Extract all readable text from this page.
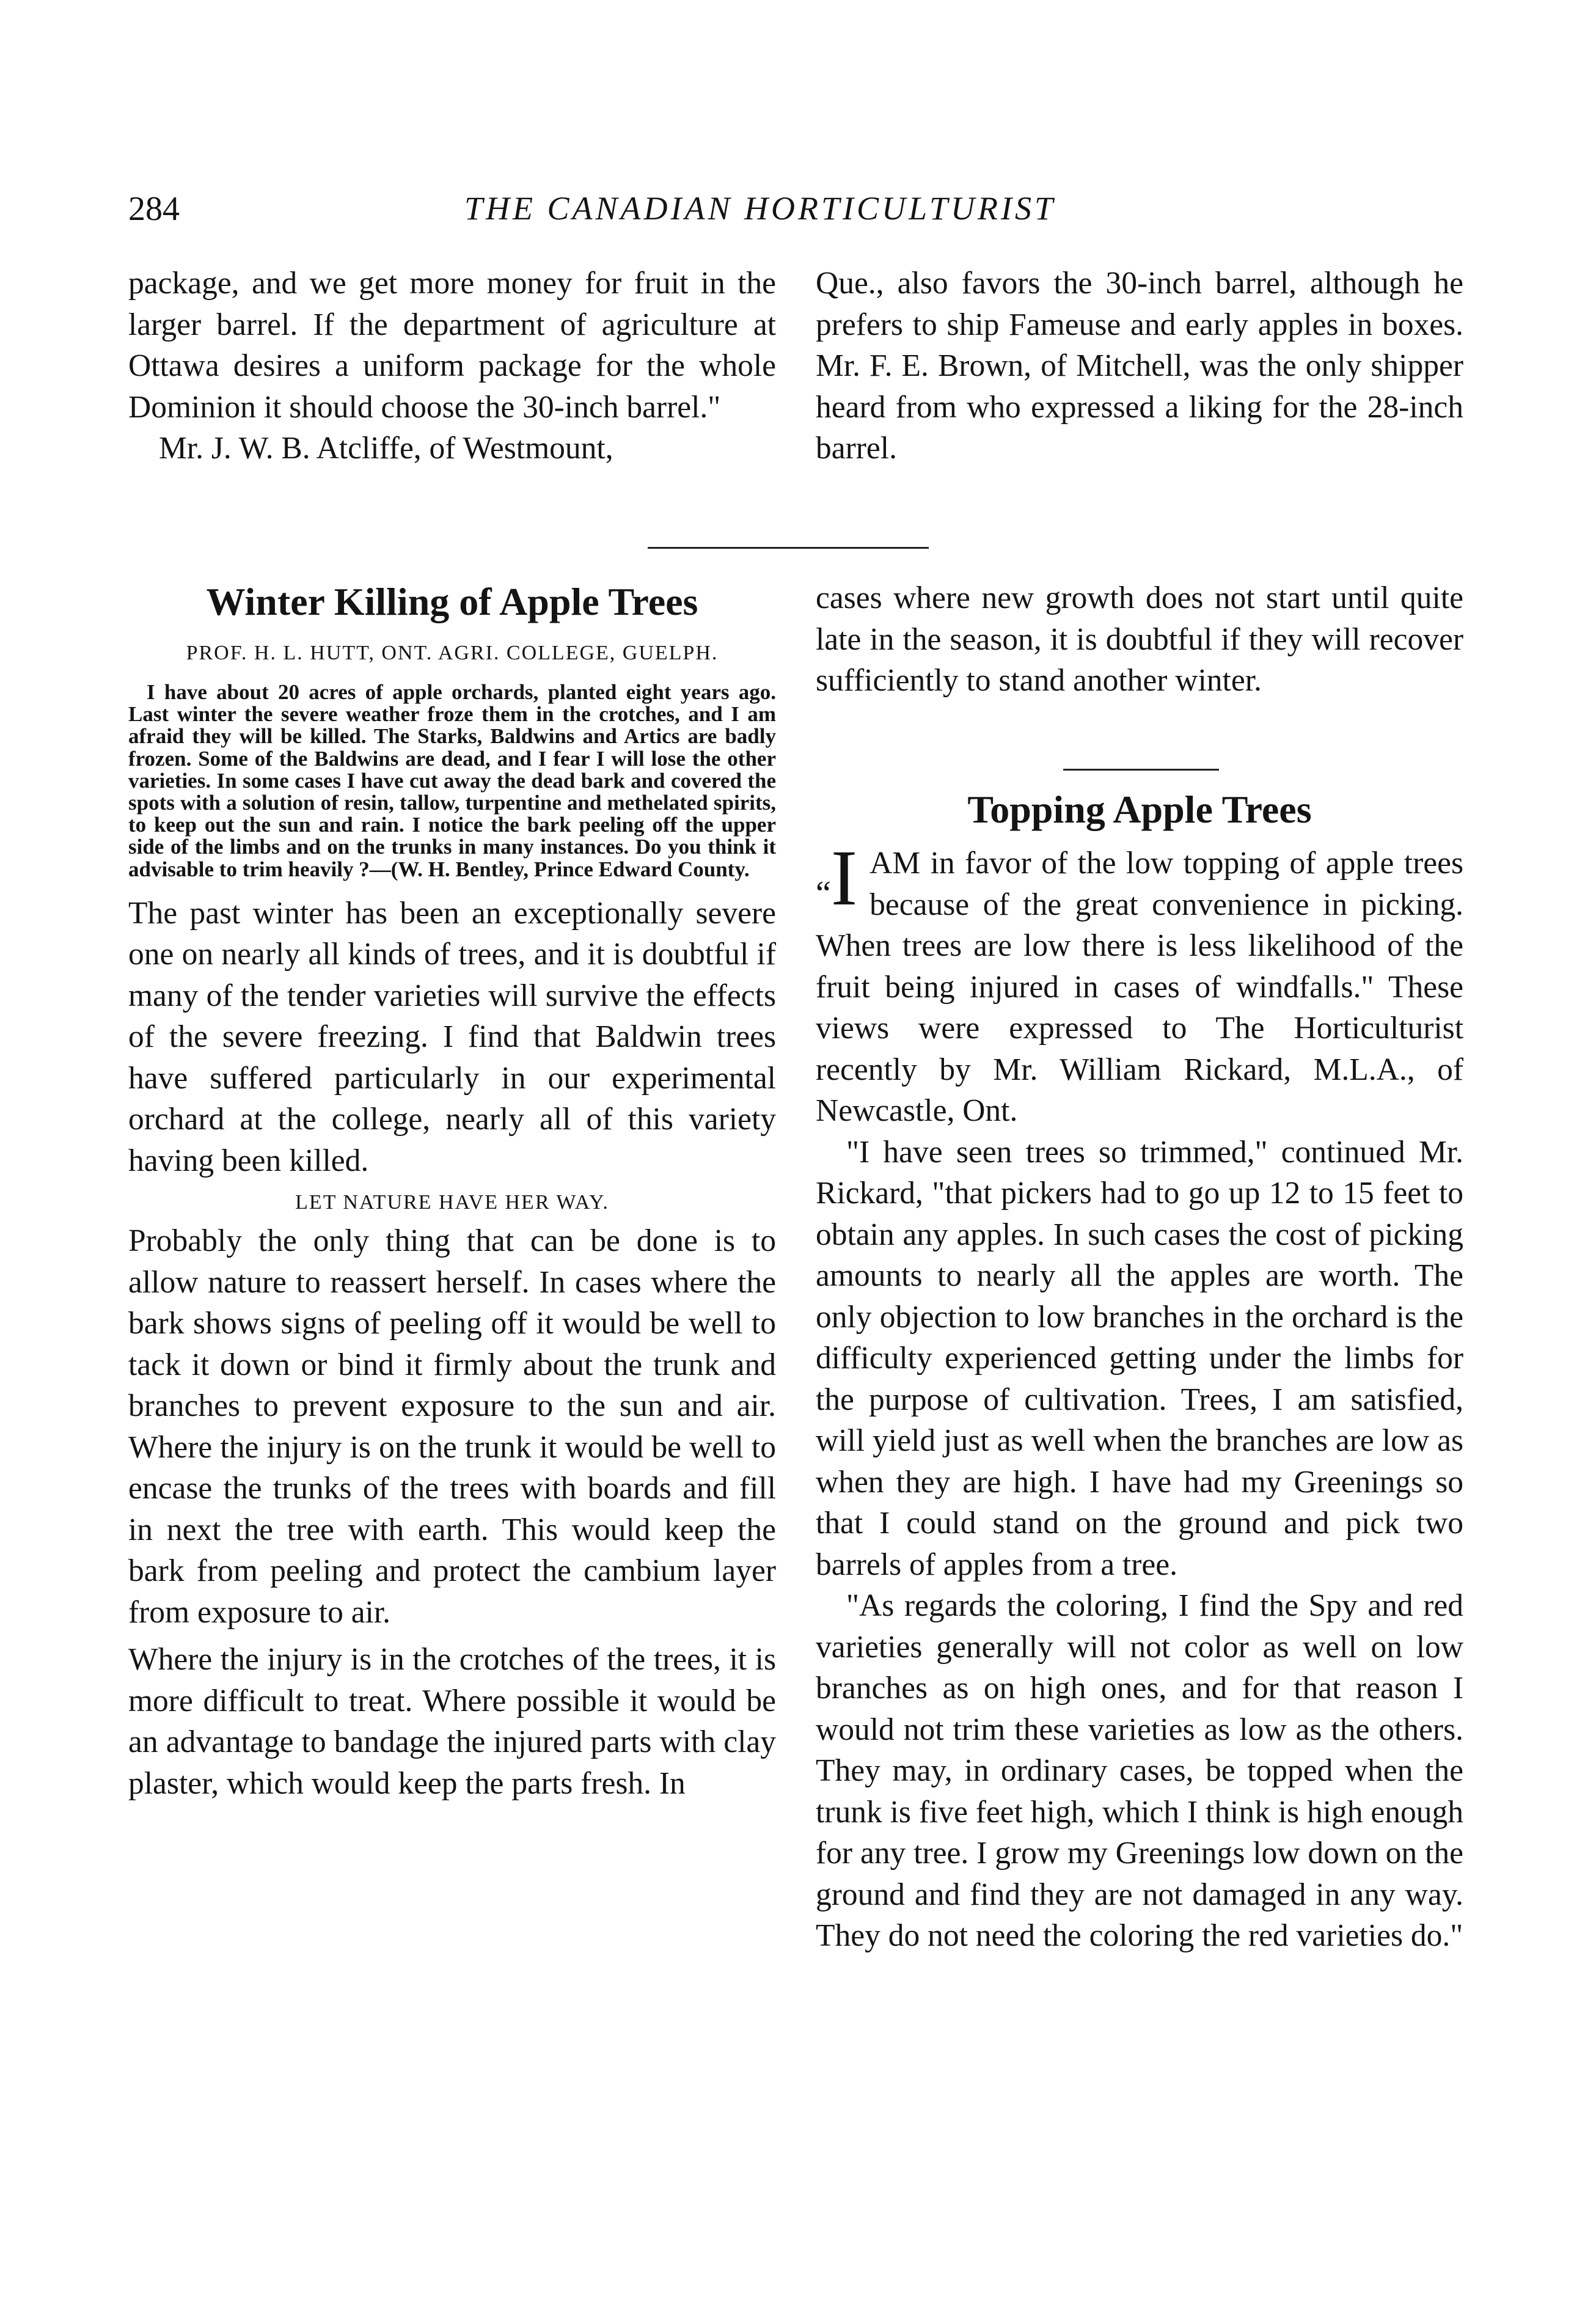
284	THE CANADIAN HORTICULTURIST

package, and we get more money for fruit in the larger barrel. If the department of agriculture at Ottawa desires a uniform package for the whole Dominion it should choose the 30-inch barrel."

Mr. J. W. B. Atcliffe, of Westmount,

Que., also favors the 30-inch barrel, although he prefers to ship Fameuse and early apples in boxes. Mr. F. E. Brown, of Mitchell, was the only shipper heard from who expressed a liking for the 28-inch barrel.

Winter Killing of Apple Trees
PROF. H. L. HUTT, ONT. AGRI. COLLEGE, GUELPH.

I have about 20 acres of apple orchards, planted eight years ago. Last winter the severe weather froze them in the crotches, and I am afraid they will be killed. The Starks, Baldwins and Artics are badly frozen. Some of the Baldwins are dead, and I fear I will lose the other varieties. In some cases I have cut away the dead bark and covered the spots with a solution of resin, tallow, turpentine and methelated spirits, to keep out the sun and rain. I notice the bark peeling off the upper side of the limbs and on the trunks in many instances. Do you think it advisable to trim heavily ?—(W. H. Bentley, Prince Edward County.

The past winter has been an exceptionally severe one on nearly all kinds of trees, and it is doubtful if many of the tender varieties will survive the effects of the severe freezing. I find that Baldwin trees have suffered particularly in our experimental orchard at the college, nearly all of this variety having been killed.

LET NATURE HAVE HER WAY.

Probably the only thing that can be done is to allow nature to reassert herself. In cases where the bark shows signs of peeling off it would be well to tack it down or bind it firmly about the trunk and branches to prevent exposure to the sun and air. Where the injury is on the trunk it would be well to encase the trunks of the trees with boards and fill in next the tree with earth. This would keep the bark from peeling and protect the cambium layer from exposure to air.

Where the injury is in the crotches of the trees, it is more difficult to treat. Where possible it would be an advantage to bandage the injured parts with clay plaster, which would keep the parts fresh. In

cases where new growth does not start until quite late in the season, it is doubtful if they will recover sufficiently to stand another winter.

Topping Apple Trees
“I AM in favor of the low topping of apple trees because of the great convenience in picking. When trees are low there is less likelihood of the fruit being injured in cases of windfalls." These views were expressed to The Horticulturist recently by Mr. William Rickard, M.L.A., of Newcastle, Ont.

"I have seen trees so trimmed," continued Mr. Rickard, "that pickers had to go up 12 to 15 feet to obtain any apples. In such cases the cost of picking amounts to nearly all the apples are worth. The only objection to low branches in the orchard is the difficulty experienced getting under the limbs for the purpose of cultivation. Trees, I am satisfied, will yield just as well when the branches are low as when they are high. I have had my Greenings so that I could stand on the ground and pick two barrels of apples from a tree.

"As regards the coloring, I find the Spy and red varieties generally will not color as well on low branches as on high ones, and for that reason I would not trim these varieties as low as the others. They may, in ordinary cases, be topped when the trunk is five feet high, which I think is high enough for any tree. I grow my Greenings low down on the ground and find they are not damaged in any way. They do not need the coloring the red varieties do."
